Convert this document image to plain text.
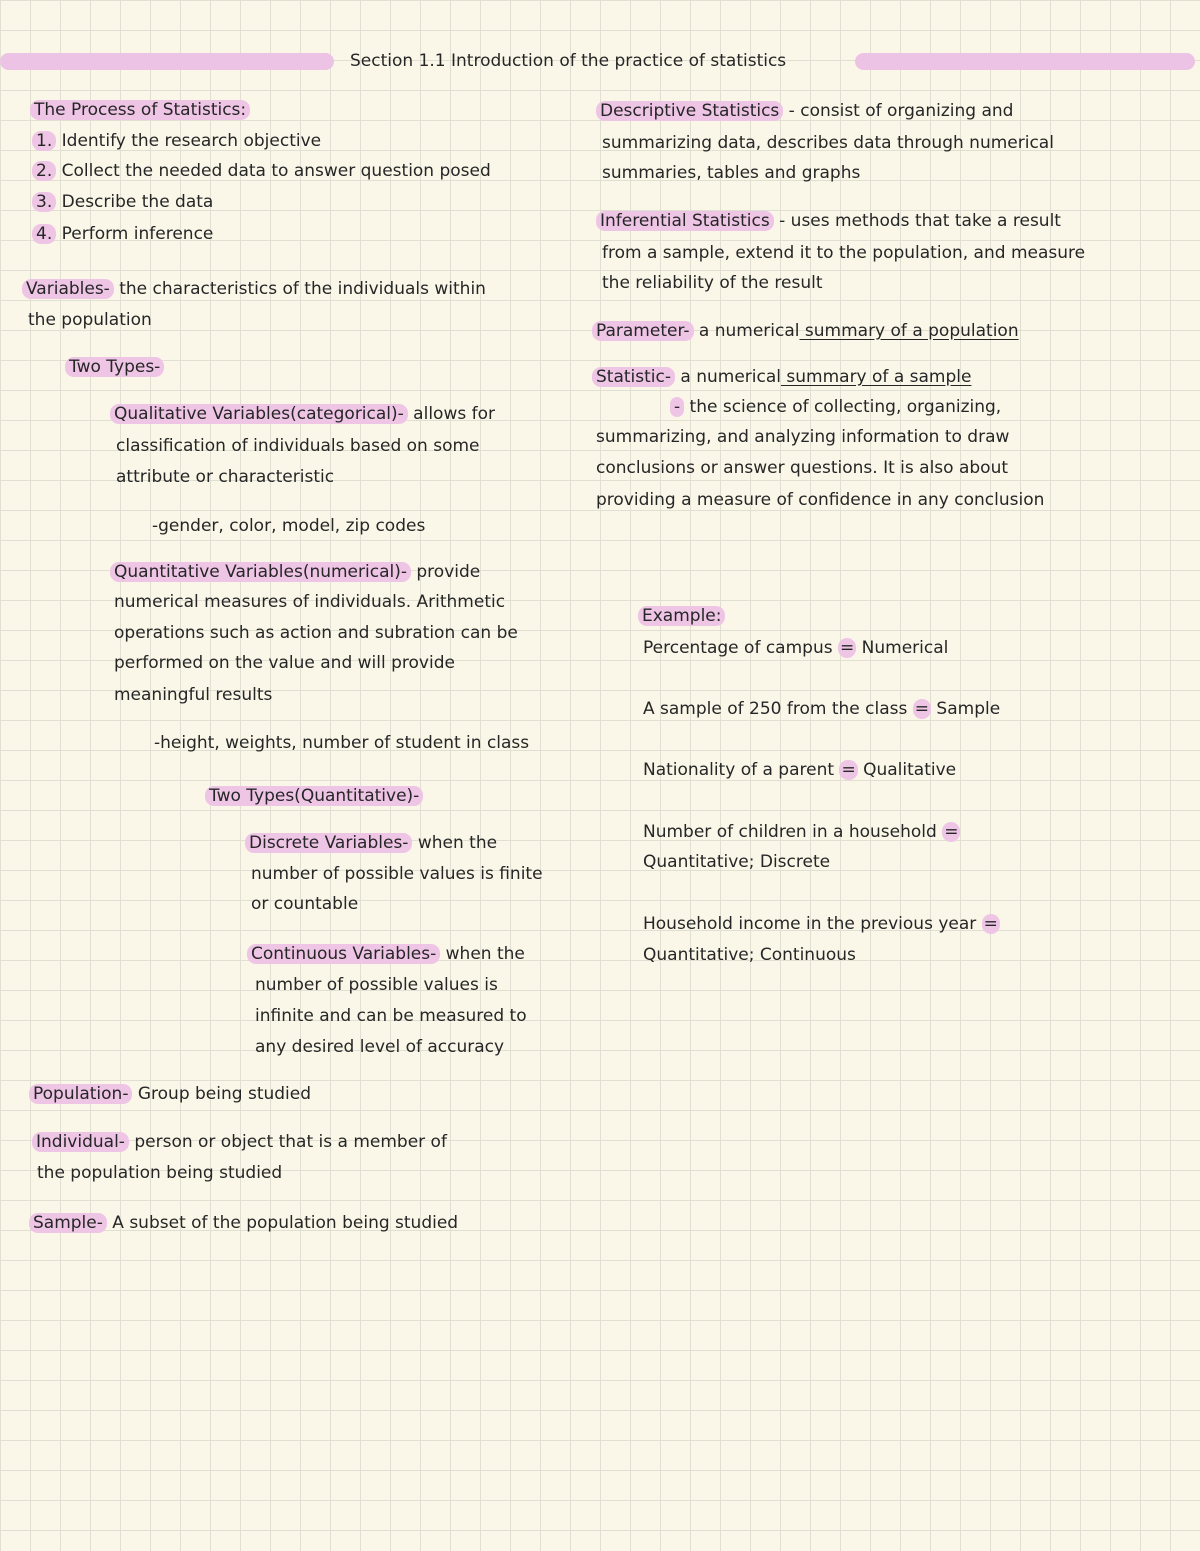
Section 1.1 Introduction of the practice of statistics
The Process of Statistics:
1. Identify the research objective
2. Collect the needed data to answer question posed
3. Describe the data
4. Perform inference
Variables- the characteristics of the individuals within
the population
Two Types-
Qualitative Variables(categorical)- allows for
classification of individuals based on some
attribute or characteristic
-gender, color, model, zip codes
Quantitative Variables(numerical)- provide
numerical measures of individuals. Arithmetic
operations such as action and subration can be
performed on the value and will provide
meaningful results
-height, weights, number of student in class
Two Types(Quantitative)-
Discrete Variables- when the
number of possible values is finite
or countable
Continuous Variables- when the
number of possible values is
infinite and can be measured to
any desired level of accuracy
Population- Group being studied
Individual- person or object that is a member of
the population being studied
Sample- A subset of the population being studied
Descriptive Statistics - consist of organizing and
summarizing data, describes data through numerical
summaries, tables and graphs
Inferential Statistics - uses methods that take a result
from a sample, extend it to the population, and measure
the reliability of the result
Parameter- a numerical summary of a population
Statistic- a numerical summary of a sample
- the science of collecting, organizing,
summarizing, and analyzing information to draw
conclusions or answer questions. It is also about
providing a measure of confidence in any conclusion
Example:
Percentage of campus = Numerical
A sample of 250 from the class = Sample
Nationality of a parent = Qualitative
Number of children in a household =
Quantitative; Discrete
Household income in the previous year =
Quantitative; Continuous
